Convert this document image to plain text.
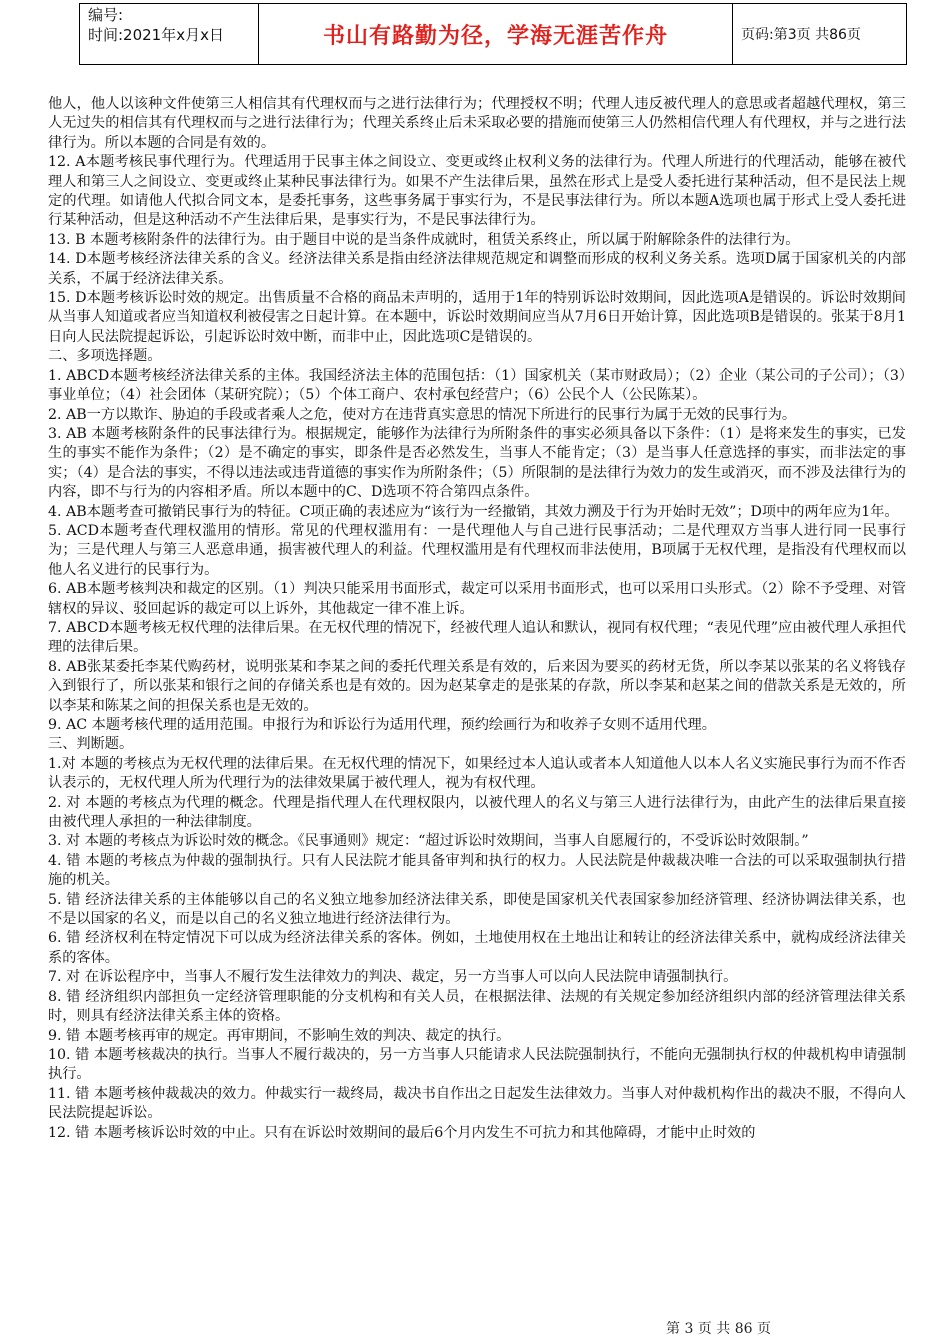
编号:
时间:2021年x月x日	书山有路勤为径，学海无涯苦作舟	页码:第3页 共86页

他人，他人以该种文件使第三人相信其有代理权而与之进行法律行为；代理授权不明；代理人违反被代理人的意思或者超越代理权，第三人无过失的相信其有代理权而与之进行法律行为；代理关系终止后未采取必要的措施而使第三人仍然相信代理人有代理权，并与之进行法律行为。所以本题的合同是有效的。

12. A本题考核民事代理行为。代理适用于民事主体之间设立、变更或终止权利义务的法律行为。代理人所进行的代理活动，能够在被代理人和第三人之间设立、变更或终止某种民事法律行为。如果不产生法律后果，虽然在形式上是受人委托进行某种活动，但不是民法上规定的代理。如请他人代拟合同文本，是委托事务，这些事务属于事实行为，不是民事法律行为。所以本题A选项也属于形式上受人委托进行某种活动，但是这种活动不产生法律后果，是事实行为，不是民事法律行为。

13. B 本题考核附条件的法律行为。由于题目中说的是当条件成就时，租赁关系终止，所以属于附解除条件的法律行为。

14. D本题考核经济法律关系的含义。经济法律关系是指由经济法律规范规定和调整而形成的权利义务关系。选项D属于国家机关的内部关系，不属于经济法律关系。

15. D本题考核诉讼时效的规定。出售质量不合格的商品未声明的，适用于1年的特别诉讼时效期间，因此选项A是错误的。诉讼时效期间从当事人知道或者应当知道权利被侵害之日起计算。在本题中，诉讼时效期间应当从7月6日开始计算，因此选项B是错误的。张某于8月1日向人民法院提起诉讼，引起诉讼时效中断，而非中止，因此选项C是错误的。

二、多项选择题。

1. ABCD本题考核经济法律关系的主体。我国经济法主体的范围包括：（1）国家机关（某市财政局）；（2）企业（某公司的子公司）；（3）事业单位；（4）社会团体（某研究院）；（5）个体工商户、农村承包经营户；（6）公民个人（公民陈某）。

2. AB一方以欺诈、胁迫的手段或者乘人之危，使对方在违背真实意思的情况下所进行的民事行为属于无效的民事行为。

3. AB 本题考核附条件的民事法律行为。根据规定，能够作为法律行为所附条件的事实必须具备以下条件：（1）是将来发生的事实，已发生的事实不能作为条件；（2）是不确定的事实，即条件是否必然发生，当事人不能肯定；（3）是当事人任意选择的事实，而非法定的事实；（4）是合法的事实，不得以违法或违背道德的事实作为所附条件；（5）所限制的是法律行为效力的发生或消灭，而不涉及法律行为的内容，即不与行为的内容相矛盾。所以本题中的C、D选项不符合第四点条件。

4. AB本题考查可撤销民事行为的特征。C项正确的表述应为“该行为一经撤销，其效力溯及于行为开始时无效”；D项中的两年应为1年。

5. ACD本题考查代理权滥用的情形。常见的代理权滥用有：一是代理他人与自己进行民事活动；二是代理双方当事人进行同一民事行为；三是代理人与第三人恶意串通，损害被代理人的利益。代理权滥用是有代理权而非法使用，B项属于无权代理，是指没有代理权而以他人名义进行的民事行为。

6. AB本题考核判决和裁定的区别。（1）判决只能采用书面形式，裁定可以采用书面形式，也可以采用口头形式。（2）除不予受理、对管辖权的异议、驳回起诉的裁定可以上诉外，其他裁定一律不准上诉。

7. ABCD本题考核无权代理的法律后果。在无权代理的情况下，经被代理人追认和默认，视同有权代理；“表见代理”应由被代理人承担代理的法律后果。

8. AB张某委托李某代购药材，说明张某和李某之间的委托代理关系是有效的，后来因为要买的药材无货，所以李某以张某的名义将钱存入到银行了，所以张某和银行之间的存储关系也是有效的。因为赵某拿走的是张某的存款，所以李某和赵某之间的借款关系是无效的，所以李某和陈某之间的担保关系也是无效的。

9. AC 本题考核代理的适用范围。申报行为和诉讼行为适用代理，预约绘画行为和收养子女则不适用代理。

三、判断题。

1.对 本题的考核点为无权代理的法律后果。在无权代理的情况下，如果经过本人追认或者本人知道他人以本人名义实施民事行为而不作否认表示的，无权代理人所为代理行为的法律效果属于被代理人，视为有权代理。

2. 对 本题的考核点为代理的概念。代理是指代理人在代理权限内，以被代理人的名义与第三人进行法律行为，由此产生的法律后果直接由被代理人承担的一种法律制度。

3. 对 本题的考核点为诉讼时效的概念。《民事通则》规定：“超过诉讼时效期间，当事人自愿履行的，不受诉讼时效限制。”

4. 错 本题的考核点为仲裁的强制执行。只有人民法院才能具备审判和执行的权力。人民法院是仲裁裁决唯一合法的可以采取强制执行措施的机关。

5. 错 经济法律关系的主体能够以自己的名义独立地参加经济法律关系，即使是国家机关代表国家参加经济管理、经济协调法律关系，也不是以国家的名义，而是以自己的名义独立地进行经济法律行为。

6. 错 经济权利在特定情况下可以成为经济法律关系的客体。例如，土地使用权在土地出让和转让的经济法律关系中，就构成经济法律关系的客体。

7. 对 在诉讼程序中，当事人不履行发生法律效力的判决、裁定，另一方当事人可以向人民法院申请强制执行。

8. 错 经济组织内部担负一定经济管理职能的分支机构和有关人员，在根据法律、法规的有关规定参加经济组织内部的经济管理法律关系时，则具有经济法律关系主体的资格。

9. 错 本题考核再审的规定。再审期间，不影响生效的判决、裁定的执行。

10. 错 本题考核裁决的执行。当事人不履行裁决的，另一方当事人只能请求人民法院强制执行，不能向无强制执行权的仲裁机构申请强制执行。

11. 错 本题考核仲裁裁决的效力。仲裁实行一裁终局，裁决书自作出之日起发生法律效力。当事人对仲裁机构作出的裁决不服，不得向人民法院提起诉讼。

12. 错 本题考核诉讼时效的中止。只有在诉讼时效期间的最后6个月内发生不可抗力和其他障碍，才能中止时效的

第 3 页 共 86 页
